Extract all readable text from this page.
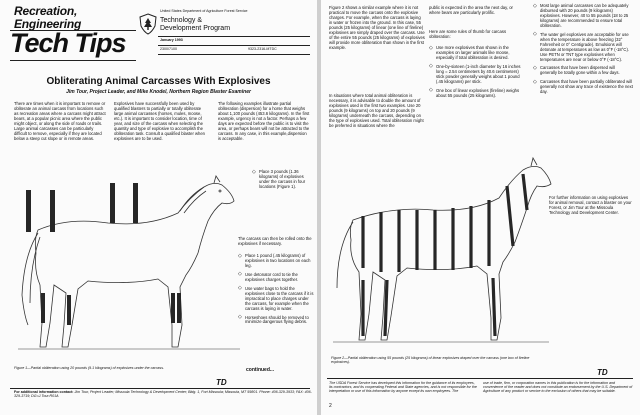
Recreation,

Engineering

Tech Tips

United States Department of Agriculture Forest Service

Technology &

Development Program

January 1993

2300/7100	9323-2316-MTDC

Obliterating Animal Carcasses With Explosives

Jim Tour, Project Leader, and Mike Knodel, Northern Region Blaster Examiner

There are times when it is important to remove or obliterate an animal carcass from locations such as recreation areas where a carcass might attract bears, at a popular picnic area where the public might object, or along the side of roads or trails. Large animal carcasses can be particularly difficult to remove, especially if they are located below a steep cut slope or in remote areas.

Explosives have successfully been used by qualified blasters to partially or totally obliterate large animal carcasses (horses, mules, moose, etc.). It is important to consider location, time of year, and size of the carcass when selecting the quantity and type of explosive to accomplish the obliteration task. Consult a qualified blaster when explosives are to be used.

The following examples illustrate partial obliteration (dispersion) for a horse that weighs about 1,100 pounds (453.6 kilograms). In the first example, urgency is not a factor. Perhaps a few days are expected before the public is to visit the area, or perhaps bears will not be attracted to the carcass. In any case, in this example,dispersion is acceptable.

◇ Place 3 pounds (1.36 kilograms) of explosives under the carcass in four locations (Figure 1).

The carcass can then be rolled onto the explosives if necessary.

◇ Place 1 pound (.45 kilograms) of explosives in two locations on each leg.
◇ Use detonator cord to tie the explosives charges together.
◇ Use water bags to hold the explosives close to the carcass if it is impractical to place charges under the carcass, for example when the carcass is laying in water.
◇ Horseshoes should be removed to minimize dangerous flying debris.

continued...

Figure 1—Partial obliteration using 20 pounds (9.1 kilograms) of explosives under the carcass.

TD

For additional information contact: Jim Tour, Project Leader; Missoula Technology & Development Center; Bldg. 1, Fort Missoula; Missoula, MT 59801. Phone: 406-329-3933; FAX: 406-329-3719; DG=J.Tour:R01A

Figure 2 shows a similar example where it is not practical to move the carcass onto the explosive charges. For example, when the carcass is laying in water or frozen into the ground. In this case, 55 pounds (25 kilograms) of linear (one line of fireline) explosives are simply draped over the carcass. Use of the entire 55 pounds (25 kilograms) of explosives will provide more obliteration than shown in the first example.

In situations where total animal obliteration is necessary, it is advisable to double the amount of explosives used in the first two examples. Use 20 pounds (9 kilograms) on top and 20 pounds (9 kilograms) underneath the carcass, depending on the type of explosives used. Total obliteration might be preferred in situations where the

public is expected in the area the next day, or where bears are particularly prolific.

Here are some rules of thumb for carcass obliteration:

◇ Use more explosives than shown in the examples on larger animals like moose, especially if total obliteration is desired.
◇ One-by-sixteen (1-inch diameter by 16 inches long = 2.54 centimeters by 40.6 centimeters) stick powder generally weighs about 1 pound (.45 kilograms) per stick.
◇ One box of linear explosives (fireline) weighs about 55 pounds (25 kilograms).
◇ Most large animal carcasses can be adequately disbursed with 20 pounds (9 kilograms) explosives. However, 40 to 55 pounds (18 to 25 kilograms) are recommended to ensure total obliteration.
◇ The water gel explosives are acceptable for use when the temperature is above freezing (32° Fahrenheit or 0° Centigrade). Emulsions will detonate at temperatures as low as 0°F (-18°C). Use PETN or TNT type explosives when temperatures are near or below 0°F (-18°C).
◇ Carcasses that have been dispersed will generally be totally gone within a few days.
◇ Carcasses that have been partially obliterated will generally not show any trace of existence the next day.

For further information on using explosives for animal removal, contact a blaster on your Forest, or Jim Tour at the Missoula Technology and Development Center.

Figure 2—Partial obliteration using 55 pounds (25 kilograms) of linear explosives draped over the carcass (one box of fireline explosives).

TD

The USDA Forest Service has developed this information for the guidance of its employees, its contractors, and its cooperating Federal and State agencies, and is not responsible for the interpretation or use of this information by anyone except its own employees. The

use of trade, firm, or corporation names in this publication is for the information and convenience of the reader and does not constitute an endorsement by the U.S. Department of Agriculture of any product or service to the exclusion of others that may be suitable.

2
